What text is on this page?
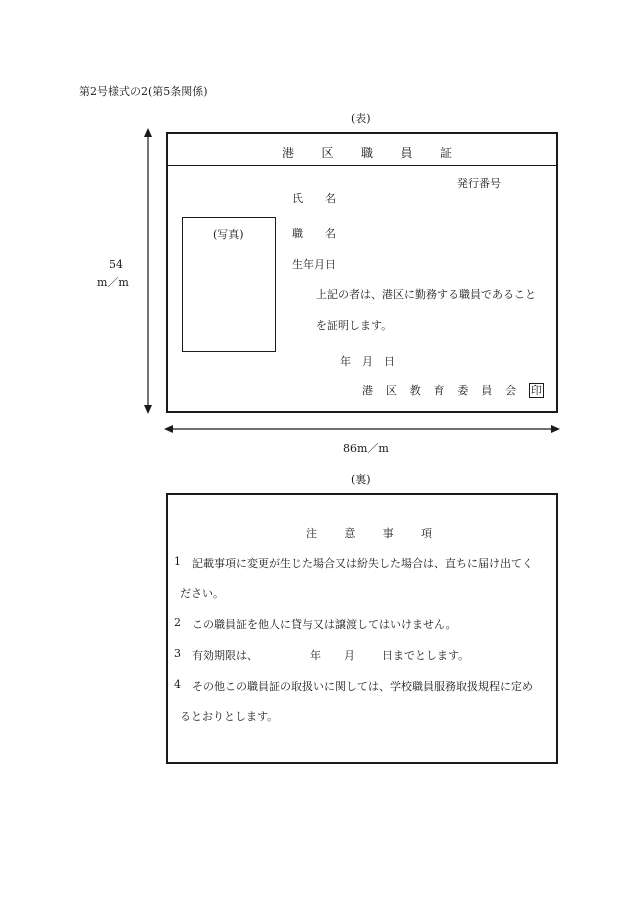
第2号様式の2(第5条関係)
(表)
54
m／m
港 区 職 員 証
発行番号
氏　　名
(写真)	職　　名
生年月日
上記の者は、港区に勤務する職員であること
を証明します。
年　月　日
港 区 教 育 委 員 会 印
86m／m
(裏)
注 意 事 項
1 記載事項に変更が生じた場合又は紛失した場合は、直ちに届け出てく
ださい。
2 この職員証を他人に貸与又は譲渡してはいけません。
3 有効期限は、	年 月 日までとします。
4 その他この職員証の取扱いに関しては、学校職員服務取扱規程に定め
るとおりとします。
